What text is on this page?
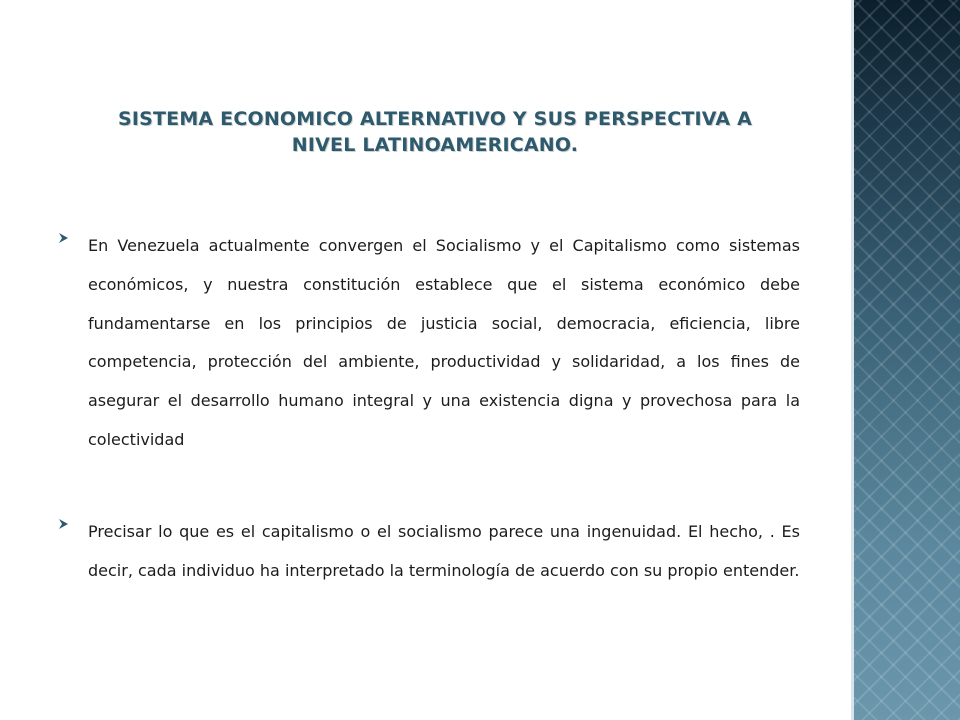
SISTEMA ECONOMICO ALTERNATIVO Y SUS PERSPECTIVA A NIVEL LATINOAMERICANO.

En Venezuela actualmente convergen el Socialismo y el Capitalismo como sistemas económicos, y nuestra constitución establece que el sistema económico debe fundamentarse en los principios de justicia social, democracia, eficiencia, libre competencia, protección del ambiente, productividad y solidaridad, a los fines de asegurar el desarrollo humano integral y una existencia digna y provechosa para la colectividad

Precisar lo que es el capitalismo o el socialismo parece una ingenuidad. El hecho, . Es decir, cada individuo ha interpretado la terminología de acuerdo con su propio entender.
